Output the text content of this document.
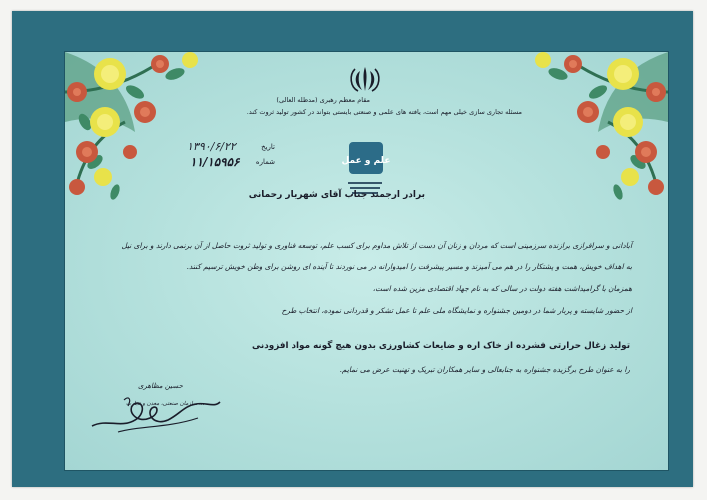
علم و عمل
مقام معظم رهبری (مدظله العالی)
مسئله تجاری سازی خیلی مهم است، یافته های علمی و صنعتی بایستی بتواند در کشور تولید ثروت کند.
تاریخ
۱۳۹۰/۶/۲۲
شماره
۱۱/۱۵۹۵۶
برادر ارجمند جناب آقای شهریار رحمانی
آبادانی و سرافرازی برازنده سرزمینی است که مردان و زنان آن دست از تلاش مداوم برای کسب علم، توسعه فناوری و تولید ثروت حاصل از آن برنمی دارند و برای نیل
به اهداف خویش، همت و پشتکار را در هم می آمیزند و مسیر پیشرفت را امیدوارانه در می نوردند تا آینده ای روشن برای وطن خویش ترسیم کنند.
همزمان با گرامیداشت هفته دولت در سالی که به نام جهاد اقتصادی مزین شده است،
از حضور شایسته و پربار شما در دومین جشنواره و نمایشگاه ملی علم تا عمل تشکر و قدردانی نموده، انتخاب طرح
تولید زغال حرارتی فشرده از خاک اره و ضایعات کشاورزی بدون هیچ گونه مواد افزودنی
را به عنوان طرح برگزیده جشنواره به جنابعالی و سایر همکاران تبریک و تهنیت عرض می نمایم.
حسین مظاهری
سازمان صنعتی، معدن و تجارت ...
